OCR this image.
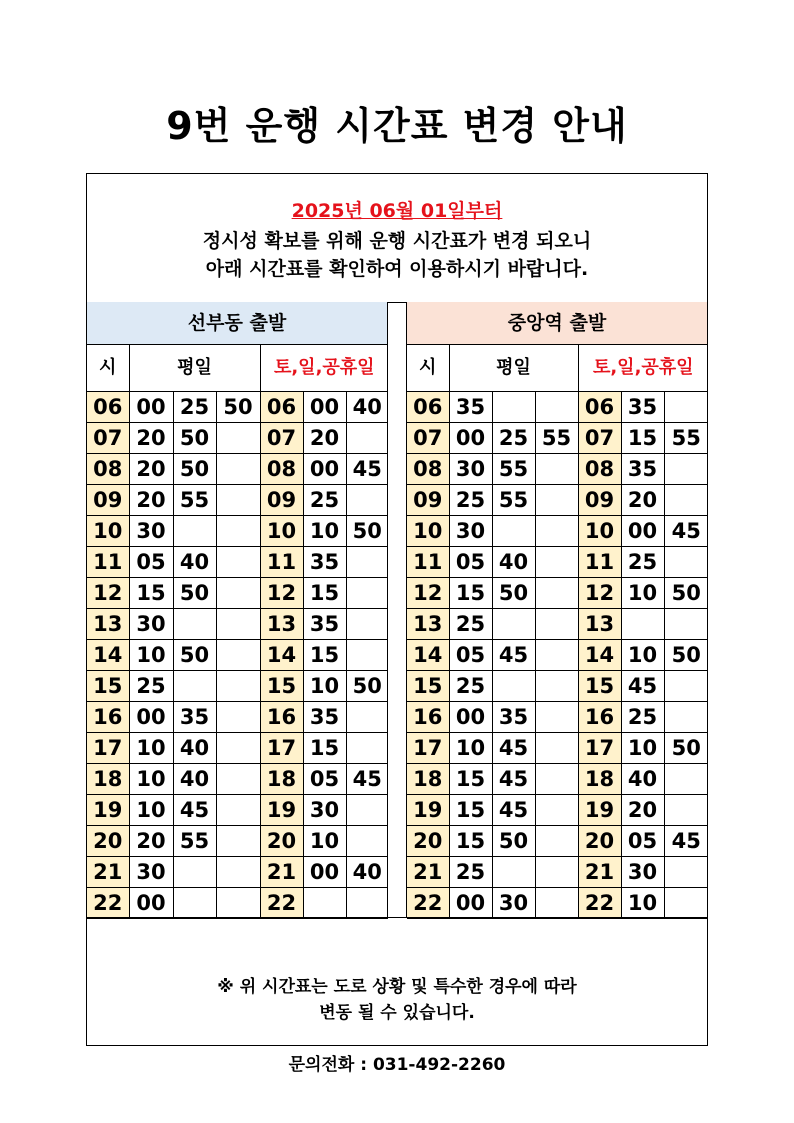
9번 운행 시간표 변경 안내
2025년 06월 01일부터
정시성 확보를 위해 운행 시간표가 변경 되오니
아래 시간표를 확인하여 이용하시기 바랍니다.
선부동 출발
시	평일			토,일,공휴일		
06	00	25	50	06	00	40
07	20	50		07	20	
08	20	50		08	00	45
09	20	55		09	25	
10	30			10	10	50
11	05	40		11	35	
12	15	50		12	15	
13	30			13	35	
14	10	50		14	15	
15	25			15	10	50
16	00	35		16	35	
17	10	40		17	15	
18	10	40		18	05	45
19	10	45		19	30	
20	20	55		20	10	
21	30			21	00	40
22	00			22		
중앙역 출발
시	평일			토,일,공휴일		
06	35			06	35	
07	00	25	55	07	15	55
08	30	55		08	35	
09	25	55		09	20	
10	30			10	00	45
11	05	40		11	25	
12	15	50		12	10	50
13	25			13		
14	05	45		14	10	50
15	25			15	45	
16	00	35		16	25	
17	10	45		17	10	50
18	15	45		18	40	
19	15	45		19	20	
20	15	50		20	05	45
21	25			21	30	
22	00	30		22	10	
※ 위 시간표는 도로 상황 및 특수한 경우에 따라
변동 될 수 있습니다.
문의전화 : 031-492-2260
